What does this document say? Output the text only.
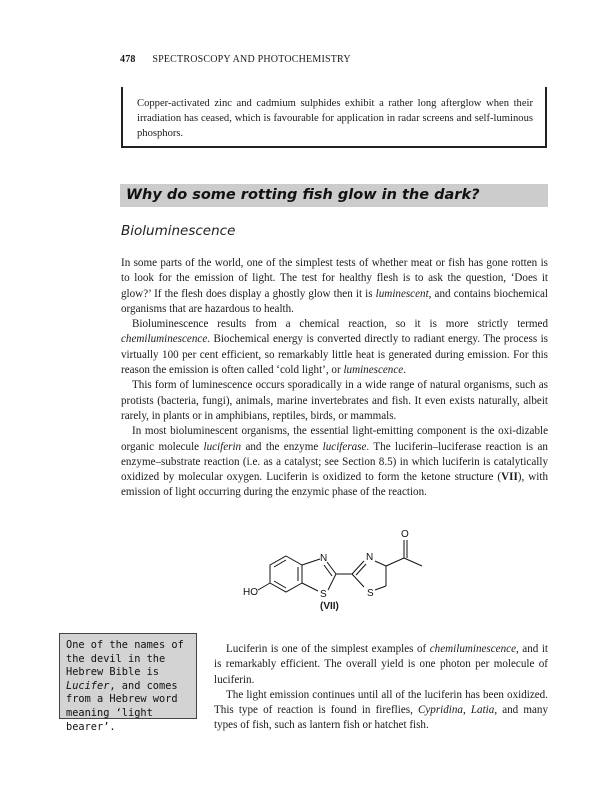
478 SPECTROSCOPY AND PHOTOCHEMISTRY
Copper-activated zinc and cadmium sulphides exhibit a rather long afterglow when their irradiation has ceased, which is favourable for application in radar screens and self-luminous phosphors.
Why do some rotting fish glow in the dark?
Bioluminescence

In some parts of the world, one of the simplest tests of whether meat or fish has gone rotten is to look for the emission of light. The test for healthy flesh is to ask the question, ‘Does it glow?’ If the flesh does display a ghostly glow then it is luminescent, and contains biochemical organisms that are hazardous to health.

Bioluminescence results from a chemical reaction, so it is more strictly termed chemiluminescence. Biochemical energy is converted directly to radiant energy. The process is virtually 100 per cent efficient, so remarkably little heat is generated during emission. For this reason the emission is often called ‘cold light’, or luminescence.

This form of luminescence occurs sporadically in a wide range of natural organisms, such as protists (bacteria, fungi), animals, marine invertebrates and fish. It even exists naturally, albeit rarely, in plants or in amphibians, reptiles, birds, or mammals.

In most bioluminescent organisms, the essential light-emitting component is the oxi-dizable organic molecule luciferin and the enzyme luciferase. The luciferin–luciferase reaction is an enzyme–substrate reaction (i.e. as a catalyst; see Section 8.5) in which luciferin is catalytically oxidized by molecular oxygen. Luciferin is oxidized to form the ketone structure (VII), with emission of light occurring during the enzymic phase of the reaction.

O
N	N
S	S
HO
(VII)
One of the names of the devil in the Hebrew Bible is Lucifer, and comes from a Hebrew word meaning ‘light bearer’.

Luciferin is one of the simplest examples of chemiluminescence, and it is remarkably efficient. The overall yield is one photon per molecule of luciferin.

The light emission continues until all of the luciferin has been oxidized. This type of reaction is found in fireflies, Cypridina, Latia, and many types of fish, such as lantern fish or hatchet fish.
